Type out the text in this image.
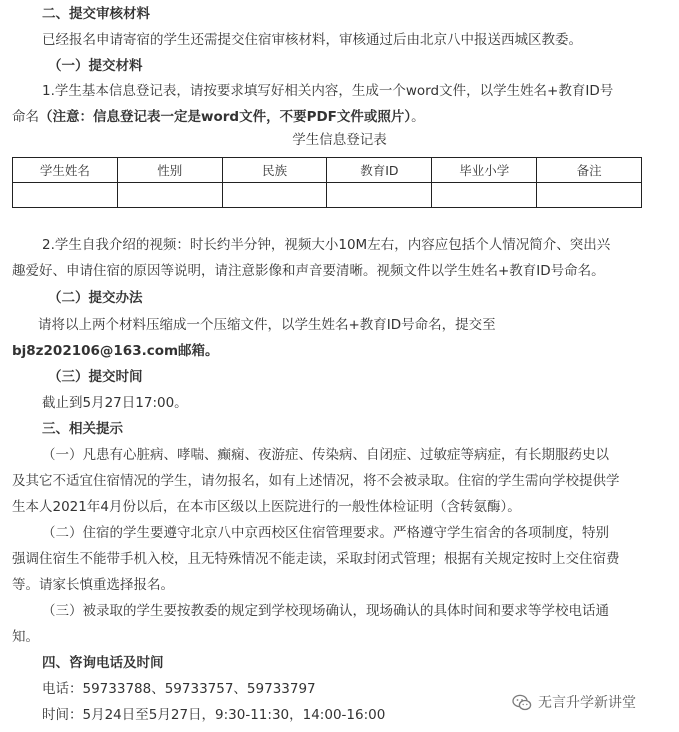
二、提交审核材料
已经报名申请寄宿的学生还需提交住宿审核材料，审核通过后由北京八中报送西城区教委。
（一）提交材料
1.学生基本信息登记表，请按要求填写好相关内容，生成一个word文件，以学生姓名+教育ID号
命名（注意：信息登记表一定是word文件，不要PDF文件或照片）。
学生信息登记表
学生姓名	性别	民族	教育ID	毕业小学	备注

2.学生自我介绍的视频：时长约半分钟，视频大小10M左右，内容应包括个人情况简介、突出兴
趣爱好、申请住宿的原因等说明，请注意影像和声音要清晰。视频文件以学生姓名+教育ID号命名。
（二）提交办法
请将以上两个材料压缩成一个压缩文件，以学生姓名+教育ID号命名，提交至
bj8z202106@163.com邮箱。
（三）提交时间
截止到5月27日17:00。
三、相关提示
（一）凡患有心脏病、哮喘、癫痫、夜游症、传染病、自闭症、过敏症等病症，有长期服药史以
及其它不适宜住宿情况的学生，请勿报名，如有上述情况，将不会被录取。住宿的学生需向学校提供学
生本人2021年4月份以后，在本市区级以上医院进行的一般性体检证明（含转氨酶）。
（二）住宿的学生要遵守北京八中京西校区住宿管理要求。严格遵守学生宿舍的各项制度，特别
强调住宿生不能带手机入校，且无特殊情况不能走读，采取封闭式管理；根据有关规定按时上交住宿费
等。请家长慎重选择报名。
（三）被录取的学生要按教委的规定到学校现场确认，现场确认的具体时间和要求等学校电话通
知。
四、咨询电话及时间
电话：59733788、59733757、59733797
时间：5月24日至5月27日，9:30-11:30，14:00-16:00
无言升学新讲堂
